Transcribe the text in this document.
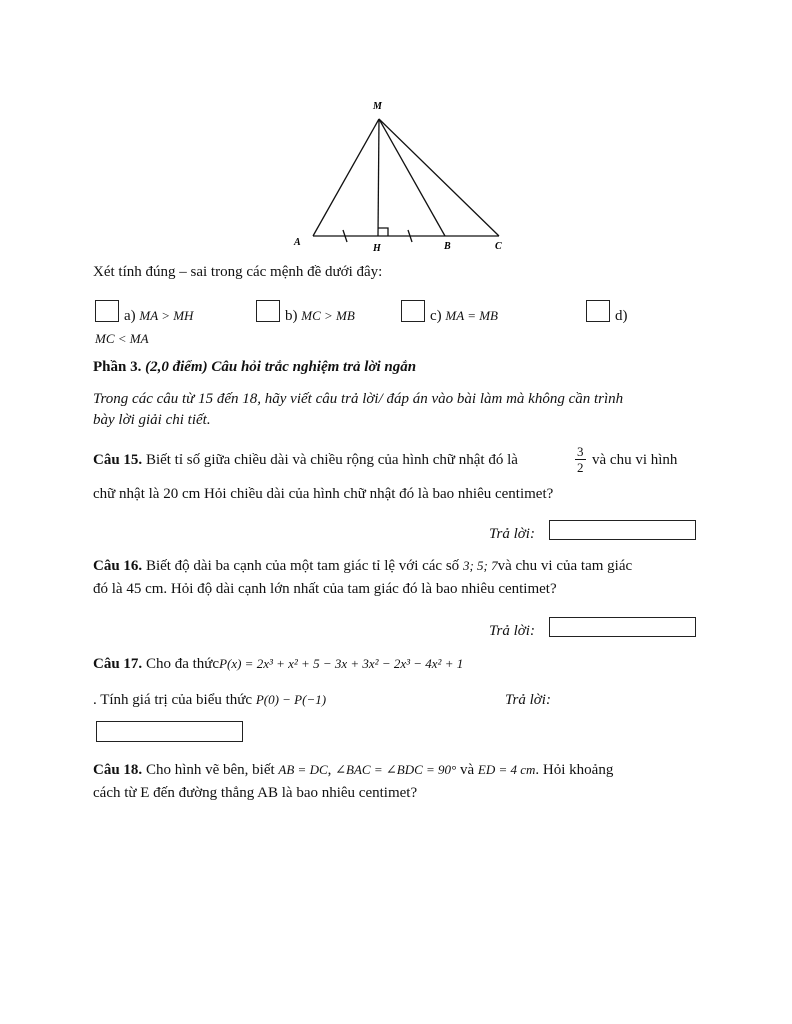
M
A
H	B	C
Xét tính đúng – sai trong các mệnh đề dưới đây:
a) MA > MH	b) MC > MB	c) MA = MB	d)
MC < MA
Phần 3. (2,0 điểm) Câu hỏi trắc nghiệm trả lời ngắn
Trong các câu từ 15 đến 18, hãy viết câu trả lời/ đáp án vào bài làm mà không cần trình
bày lời giải chi tiết.
Câu 15. Biết tỉ số giữa chiều dài và chiều rộng của hình chữ nhật đó là	$\frac{3}{2}$ và chu vi hình
chữ nhật là 20 cm Hỏi chiều dài của hình chữ nhật đó là bao nhiêu centimet?
Trả lời:
Câu 16. Biết độ dài ba cạnh của một tam giác tỉ lệ với các số 3; 5; 7và chu vi của tam giác
đó là 45 cm. Hỏi độ dài cạnh lớn nhất của tam giác đó là bao nhiêu centimet?
Trả lời:
Câu 17. Cho đa thứcP(x) = 2x³ + x² + 5 − 3x + 3x² − 2x³ − 4x² + 1
. Tính giá trị của biểu thức P(0) − P(−1)	Trả lời:
Câu 18. Cho hình vẽ bên, biết AB = DC, ∠BAC = ∠BDC = 90° và ED = 4 cm. Hỏi khoảng
cách từ E đến đường thẳng AB là bao nhiêu centimet?
